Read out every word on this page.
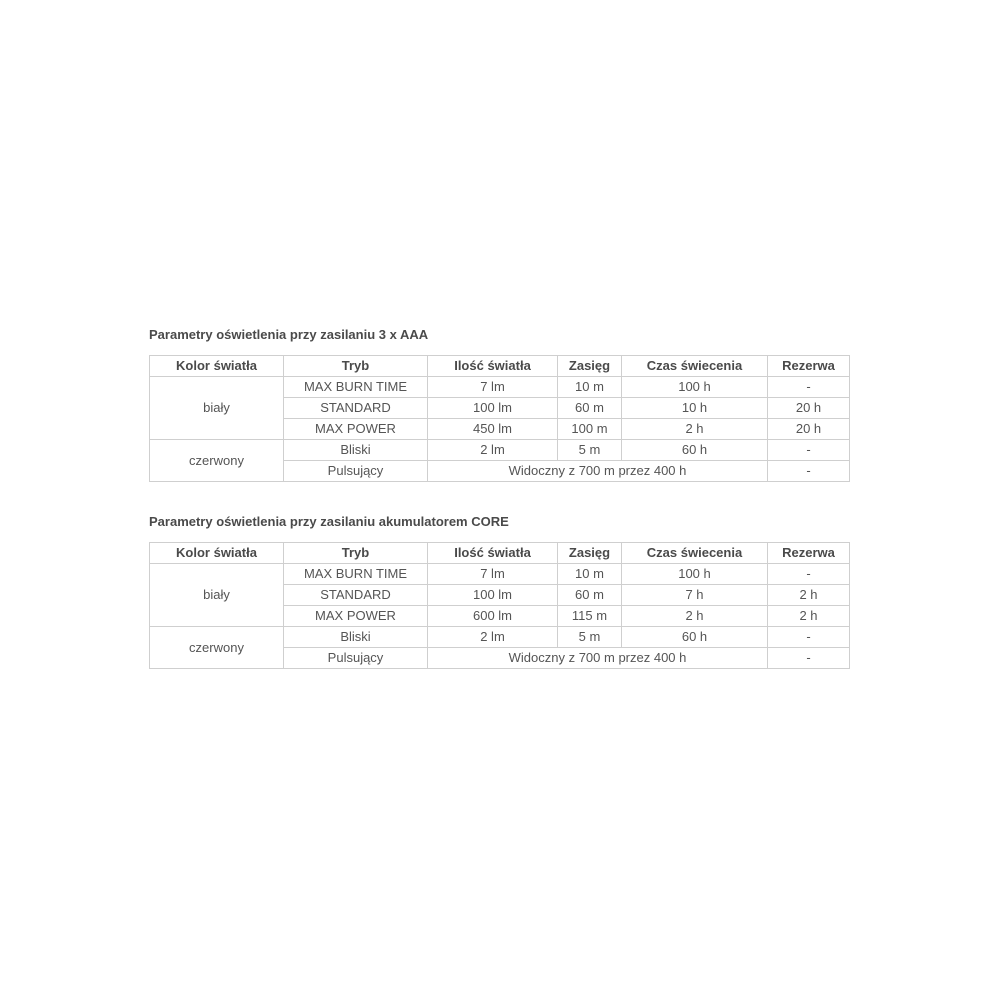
Parametry oświetlenia przy zasilaniu 3 x AAA
Kolor światła	Tryb	Ilość światła	Zasięg	Czas świecenia	Rezerwa
biały	MAX BURN TIME	7 lm	10 m	100 h	-
	STANDARD	100 lm	60 m	10 h	20 h
	MAX POWER	450 lm	100 m	2 h	20 h
czerwony	Bliski	2 lm	5 m	60 h	-
	Pulsujący	Widoczny z 700 m przez 400 h			-
Parametry oświetlenia przy zasilaniu akumulatorem CORE
Kolor światła	Tryb	Ilość światła	Zasięg	Czas świecenia	Rezerwa
biały	MAX BURN TIME	7 lm	10 m	100 h	-
	STANDARD	100 lm	60 m	7 h	2 h
	MAX POWER	600 lm	115 m	2 h	2 h
czerwony	Bliski	2 lm	5 m	60 h	-
	Pulsujący	Widoczny z 700 m przez 400 h			-
